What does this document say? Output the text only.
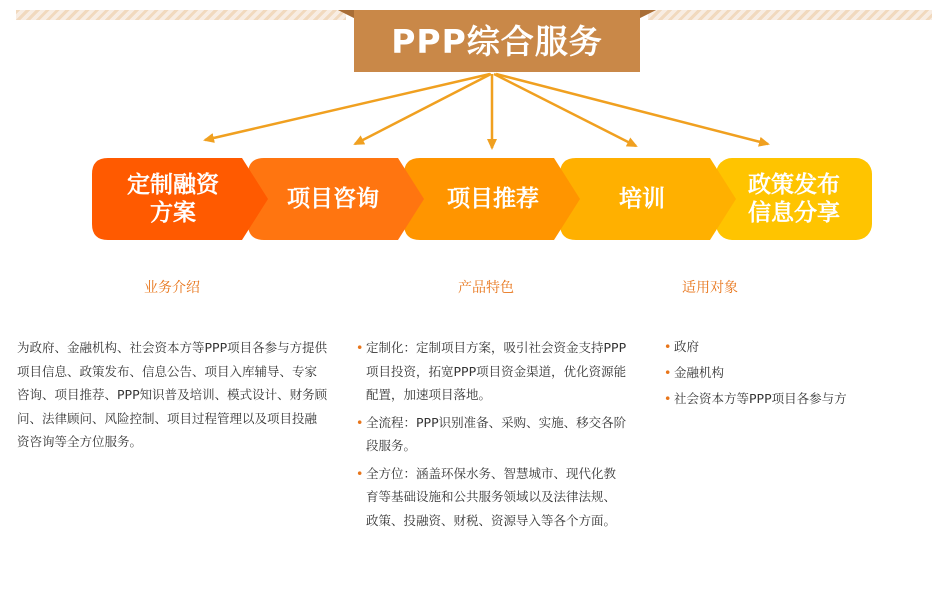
PPP综合服务
政策发布
信息分享
培训
项目推荐
项目咨询
定制融资
方案
业务介绍	产品特色	适用对象
为政府、金融机构、社会资本方等PPP项目各参与方提供项目信息、政策发布、信息公告、项目入库辅导、专家咨询、项目推荐、PPP知识普及培训、模式设计、财务顾问、法律顾问、风险控制、项目过程管理以及项目投融资咨询等全方位服务。
• 定制化：定制项目方案，吸引社会资金支持PPP项目投资，拓宽PPP项目资金渠道，优化资源能配置，加速项目落地。
• 全流程：PPP识别准备、采购、实施、移交各阶段服务。
• 全方位：涵盖环保水务、智慧城市、现代化教育等基础设施和公共服务领域以及法律法规、政策、投融资、财税、资源导入等各个方面。
• 政府
• 金融机构
• 社会资本方等PPP项目各参与方
